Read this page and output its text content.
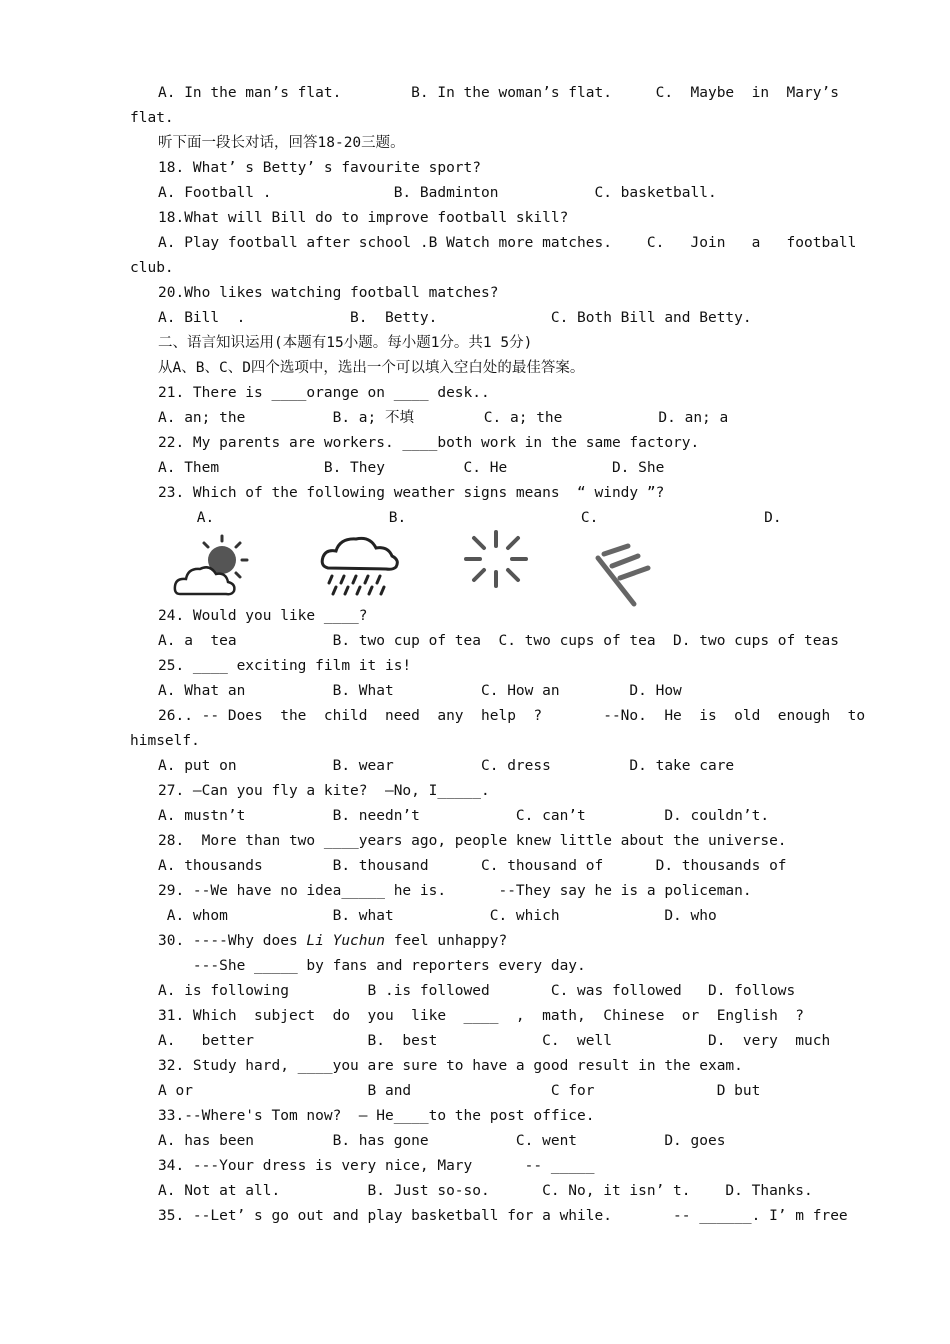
A. In the man’s flat.        B. In the woman’s flat.     C.  Maybe  in  Mary’s
flat.
听下面一段长对话，回答18-20三题。
18. What’ s Betty’ s favourite sport?
A. Football .              B. Badminton           C. basketball.
18.What will Bill do to improve football skill?
A. Play football after school .B Watch more matches.    C.   Join   a   football
club.
20.Who likes watching football matches?
A. Bill  .            B.  Betty.             C. Both Bill and Betty.
二、语言知识运用(本题有15小题。每小题1分。共1 5分)
从A、B、C、D四个选项中，选出一个可以填入空白处的最佳答案。
21. There is ____orange on ____ desk..
A. an; the          B. a; 不填        C. a; the           D. an; a
22. My parents are workers. ____both work in the same factory.
A. Them            B. They         C. He            D. She
23. Which of the following weather signs means  “ windy ”?
A.                    B.                    C.                   D.
24. Would you like ____?
A. a  tea           B. two cup of tea  C. two cups of tea  D. two cups of teas
25. ____ exciting film it is!
A. What an          B. What          C. How an        D. How
26.. -- Does  the  child  need  any  help  ?       --No.  He  is  old  enough  to
himself.
A. put on           B. wear          C. dress         D. take care
27. —Can you fly a kite?  —No, I_____.
A. mustn’t          B. needn’t           C. can’t         D. couldn’t.
28.  More than two ____years ago, people knew little about the universe.
A. thousands        B. thousand      C. thousand of      D. thousands of
29. --We have no idea_____ he is.      --They say he is a policeman.
A. whom            B. what           C. which            D. who
30. ----Why does Li Yuchun feel unhappy?
---She _____ by fans and reporters every day.
A. is following         B .is followed       C. was followed   D. follows
31. Which  subject  do  you  like  ____  ,  math,  Chinese  or  English  ?
A.   better             B.  best            C.  well           D.  very  much
32. Study hard, ____you are sure to have a good result in the exam.
A or                    B and                C for              D but
33.--Where's Tom now?  — He____to the post office.
A. has been         B. has gone          C. went          D. goes
34. ---Your dress is very nice, Mary      -- _____
A. Not at all.          B. Just so-so.      C. No, it isn’ t.    D. Thanks.
35. --Let’ s go out and play basketball for a while.       -- ______. I’ m free
